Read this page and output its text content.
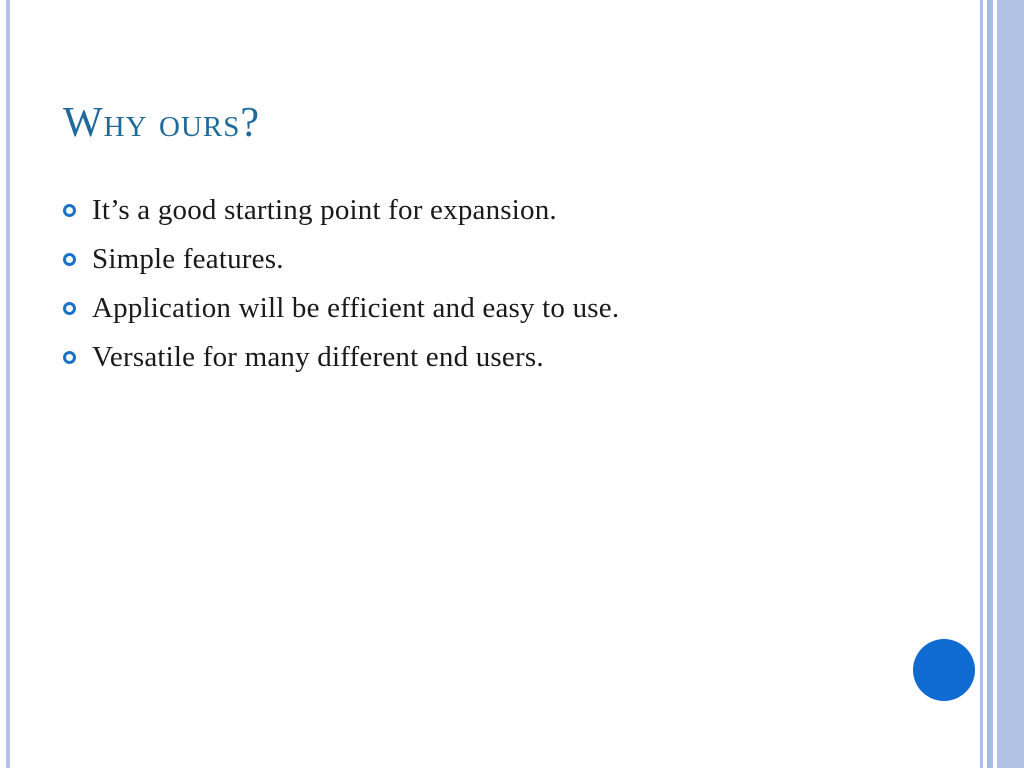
Why ours?
It’s a good starting point for expansion.
Simple features.
Application will be efficient and easy to use.
Versatile for many different end users.
